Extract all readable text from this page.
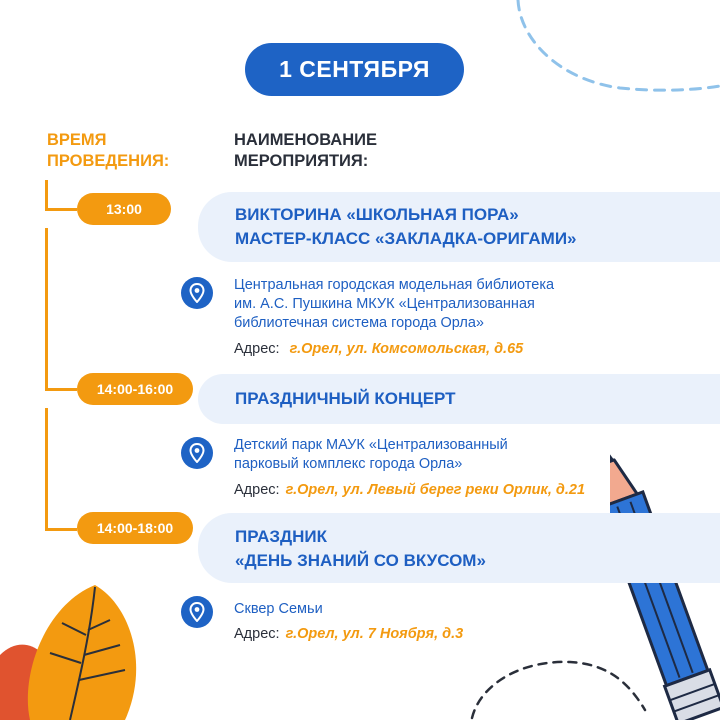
1 СЕНТЯБРЯ
ВРЕМЯ
ПРОВЕДЕНИЯ:
НАИМЕНОВАНИЕ
МЕРОПРИЯТИЯ:
13:00	ВИКТОРИНА «ШКОЛЬНАЯ ПОРА»
МАСТЕР-КЛАСС «ЗАКЛАДКА-ОРИГАМИ»
Центральная городская модельная библиотека
им. А.С. Пушкина МКУК «Централизованная
библиотечная система города Орла»
Адрес: г.Орел, ул. Комсомольская, д.65
14:00-16:00	ПРАЗДНИЧНЫЙ КОНЦЕРТ
Детский парк МАУК «Централизованный
парковый комплекс города Орла»
Адрес: г.Орел, ул. Левый берег реки Орлик, д.21
14:00-18:00	ПРАЗДНИК
«ДЕНЬ ЗНАНИЙ СО ВКУСОМ»
Сквер Семьи
Адрес: г.Орел, ул. 7 Ноября, д.3
